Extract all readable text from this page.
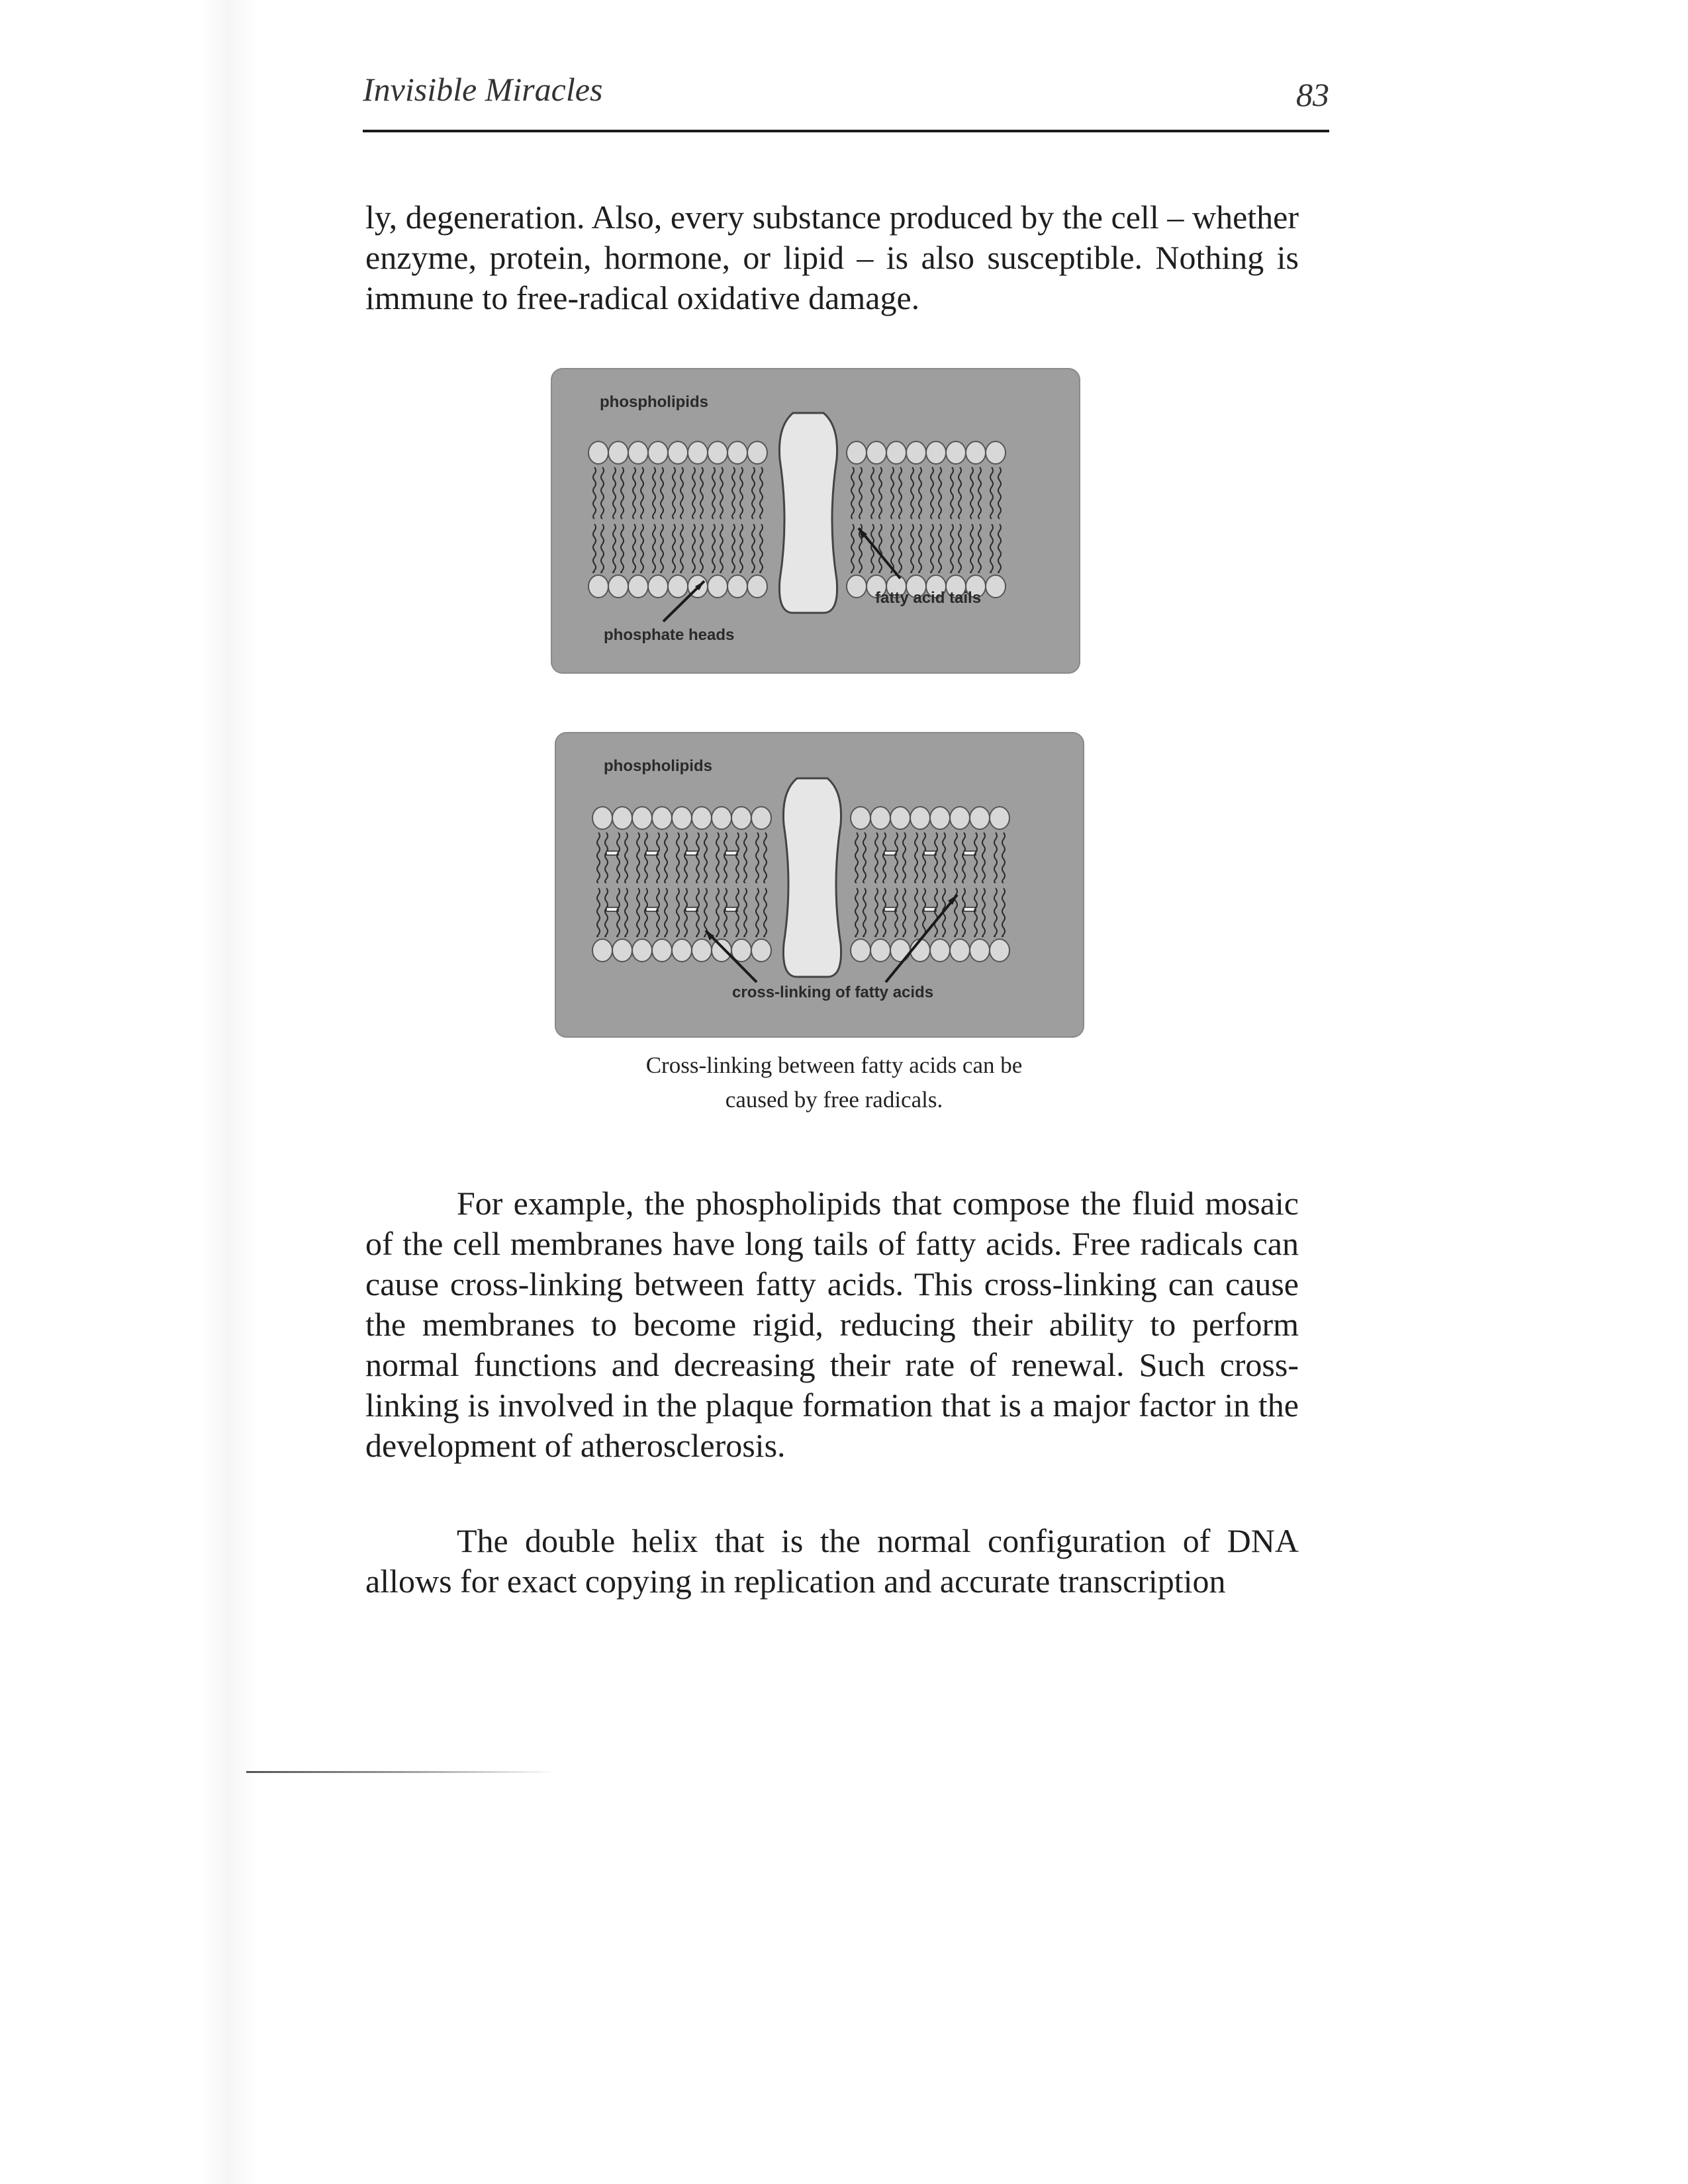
Invisible Miracles	83

ly, degeneration. Also, every substance produced by the cell – whether enzyme, protein, hormone, or lipid – is also susceptible. Nothing is immune to free-radical oxidative damage.

phospholipids
fatty acid tails
phosphate heads
phospholipids
cross-linking of fatty acids

Cross-linking between fatty acids can be
caused by free radicals.

For example, the phospholipids that compose the fluid mosaic of the cell membranes have long tails of fatty acids. Free radicals can cause cross-linking between fatty acids. This cross-linking can cause the membranes to become rigid, reducing their ability to perform normal functions and decreasing their rate of renewal. Such cross-linking is involved in the plaque formation that is a major factor in the development of atherosclerosis.

The double helix that is the normal configuration of DNA allows for exact copying in replication and accurate transcription
